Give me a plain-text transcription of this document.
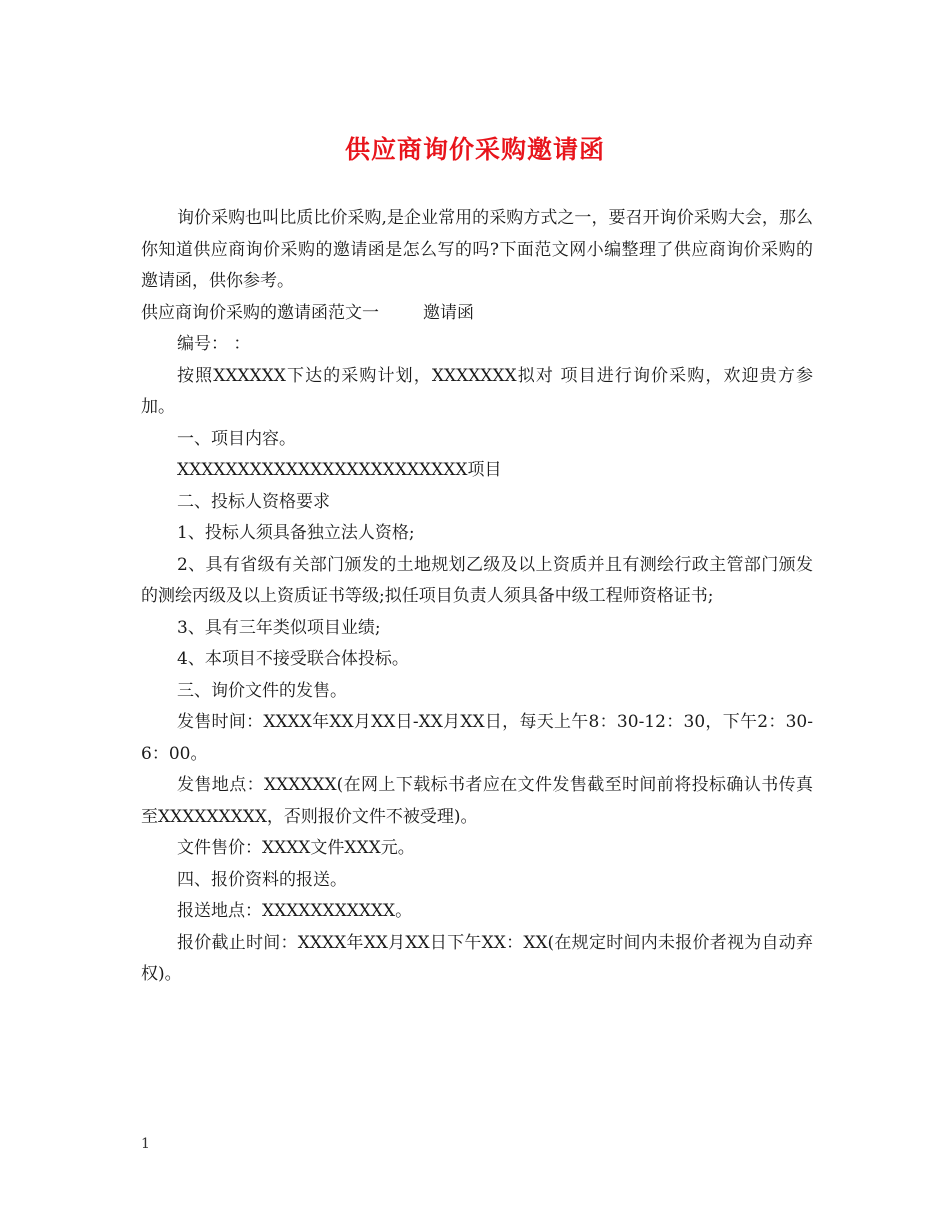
供应商询价采购邀请函

询价采购也叫比质比价采购,是企业常用的采购方式之一，要召开询价采购大会，那么你知道供应商询价采购的邀请函是怎么写的吗?下面范文网小编整理了供应商询价采购的邀请函，供你参考。

供应商询价采购的邀请函范文一	邀请函

编号： ：

按照XXXXXX下达的采购计划，XXXXXXX拟对 项目进行询价采购，欢迎贵方参加。

一、项目内容。

XXXXXXXXXXXXXXXXXXXXXXXX项目

二、投标人资格要求

1、投标人须具备独立法人资格;

2、具有省级有关部门颁发的土地规划乙级及以上资质并且有测绘行政主管部门颁发的测绘丙级及以上资质证书等级;拟任项目负责人须具备中级工程师资格证书;

3、具有三年类似项目业绩;

4、本项目不接受联合体投标。

三、询价文件的发售。

发售时间：XXXX年XX月XX日-XX月XX日，每天上午8：30-12：30，下午2：30-6：00。

发售地点：XXXXXX(在网上下载标书者应在文件发售截至时间前将投标确认书传真至XXXXXXXXX，否则报价文件不被受理)。

文件售价：XXXX文件XXX元。

四、报价资料的报送。

报送地点：XXXXXXXXXXX。

报价截止时间：XXXX年XX月XX日下午XX：XX(在规定时间内未报价者视为自动弃权)。

1
